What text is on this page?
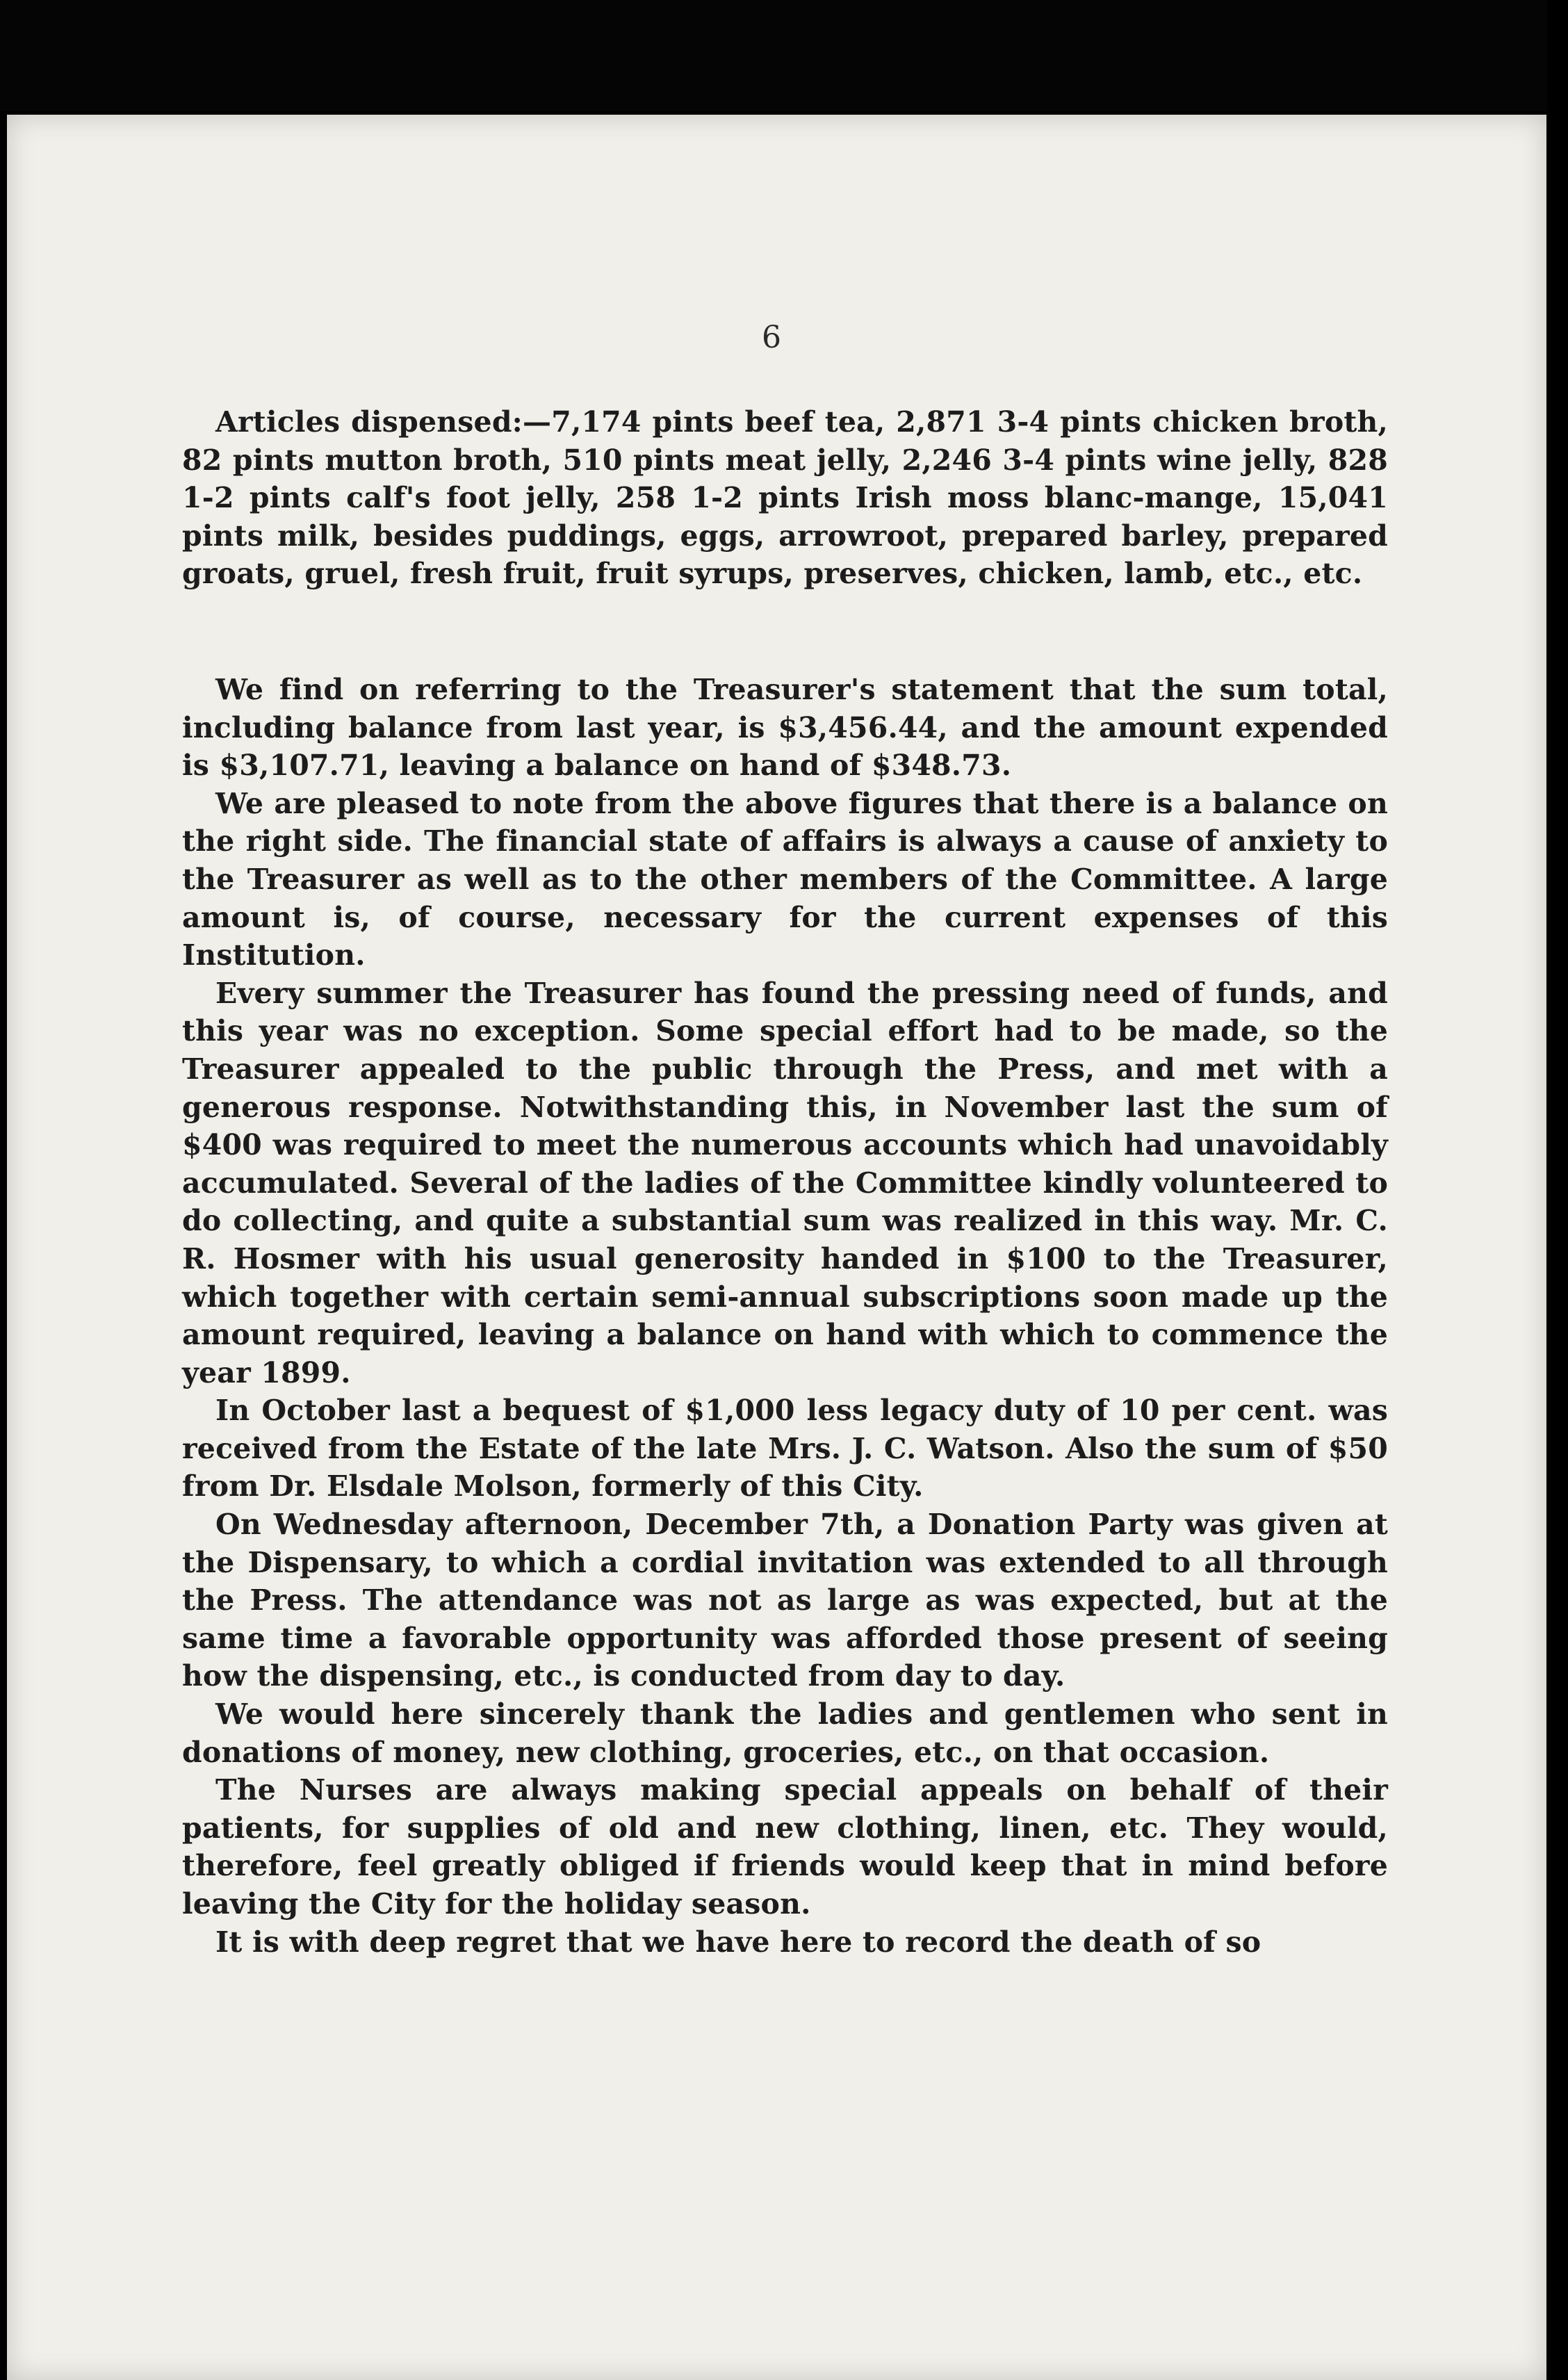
6

Articles dispensed:—7,174 pints beef tea, 2,871 3-4 pints chicken broth, 82 pints mutton broth, 510 pints meat jelly, 2,246 3-4 pints wine jelly, 828 1-2 pints calf's foot jelly, 258 1-2 pints Irish moss blanc-mange, 15,041 pints milk, besides puddings, eggs, arrowroot, prepared barley, prepared groats, gruel, fresh fruit, fruit syrups, preserves, chicken, lamb, etc., etc.

We find on referring to the Treasurer's statement that the sum total, including balance from last year, is $3,456.44, and the amount expended is $3,107.71, leaving a balance on hand of $348.73.

We are pleased to note from the above figures that there is a balance on the right side. The financial state of affairs is always a cause of anxiety to the Treasurer as well as to the other members of the Committee. A large amount is, of course, necessary for the current expenses of this Institution.

Every summer the Treasurer has found the pressing need of funds, and this year was no exception. Some special effort had to be made, so the Treasurer appealed to the public through the Press, and met with a generous response. Notwithstanding this, in November last the sum of $400 was required to meet the numerous accounts which had unavoidably accumulated. Several of the ladies of the Committee kindly volunteered to do collecting, and quite a substantial sum was realized in this way. Mr. C. R. Hosmer with his usual generosity handed in $100 to the Treasurer, which together with certain semi-annual subscriptions soon made up the amount required, leaving a balance on hand with which to commence the year 1899.

In October last a bequest of $1,000 less legacy duty of 10 per cent. was received from the Estate of the late Mrs. J. C. Watson. Also the sum of $50 from Dr. Elsdale Molson, formerly of this City.

On Wednesday afternoon, December 7th, a Donation Party was given at the Dispensary, to which a cordial invitation was extended to all through the Press. The attendance was not as large as was expected, but at the same time a favorable opportunity was afforded those present of seeing how the dispensing, etc., is conducted from day to day.

We would here sincerely thank the ladies and gentlemen who sent in donations of money, new clothing, groceries, etc., on that occasion.

The Nurses are always making special appeals on behalf of their patients, for supplies of old and new clothing, linen, etc. They would, therefore, feel greatly obliged if friends would keep that in mind before leaving the City for the holiday season.

It is with deep regret that we have here to record the death of so
